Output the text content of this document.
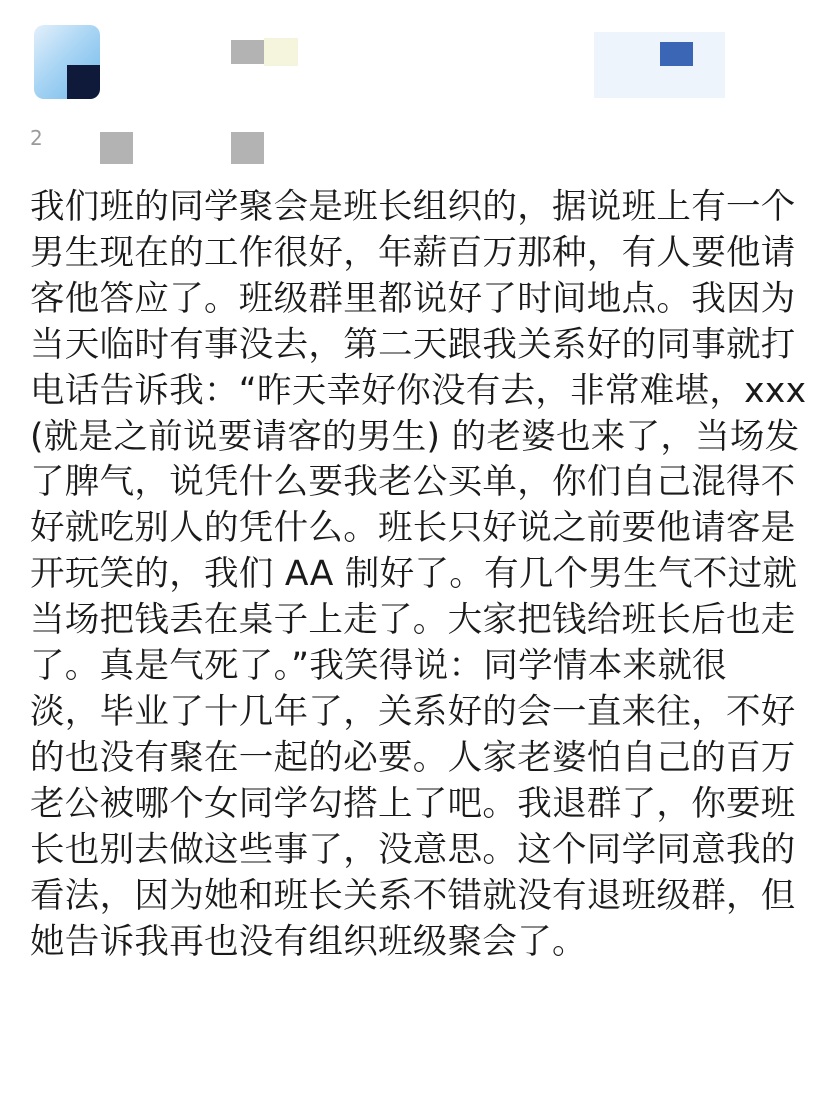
2
我们班的同学聚会是班长组织的，据说班上有一个
男生现在的工作很好，年薪百万那种，有人要他请
客他答应了。班级群里都说好了时间地点。我因为
当天临时有事没去，第二天跟我关系好的同事就打
电话告诉我：“昨天幸好你没有去，非常难堪，xxx
(就是之前说要请客的男生) 的老婆也来了，当场发
了脾气，说凭什么要我老公买单，你们自己混得不
好就吃别人的凭什么。班长只好说之前要他请客是
开玩笑的，我们 AA 制好了。有几个男生气不过就
当场把钱丢在桌子上走了。大家把钱给班长后也走
了。真是气死了。”我笑得说：同学情本来就很
淡，毕业了十几年了，关系好的会一直来往，不好
的也没有聚在一起的必要。人家老婆怕自己的百万
老公被哪个女同学勾搭上了吧。我退群了，你要班
长也别去做这些事了，没意思。这个同学同意我的
看法，因为她和班长关系不错就没有退班级群，但
她告诉我再也没有组织班级聚会了。
